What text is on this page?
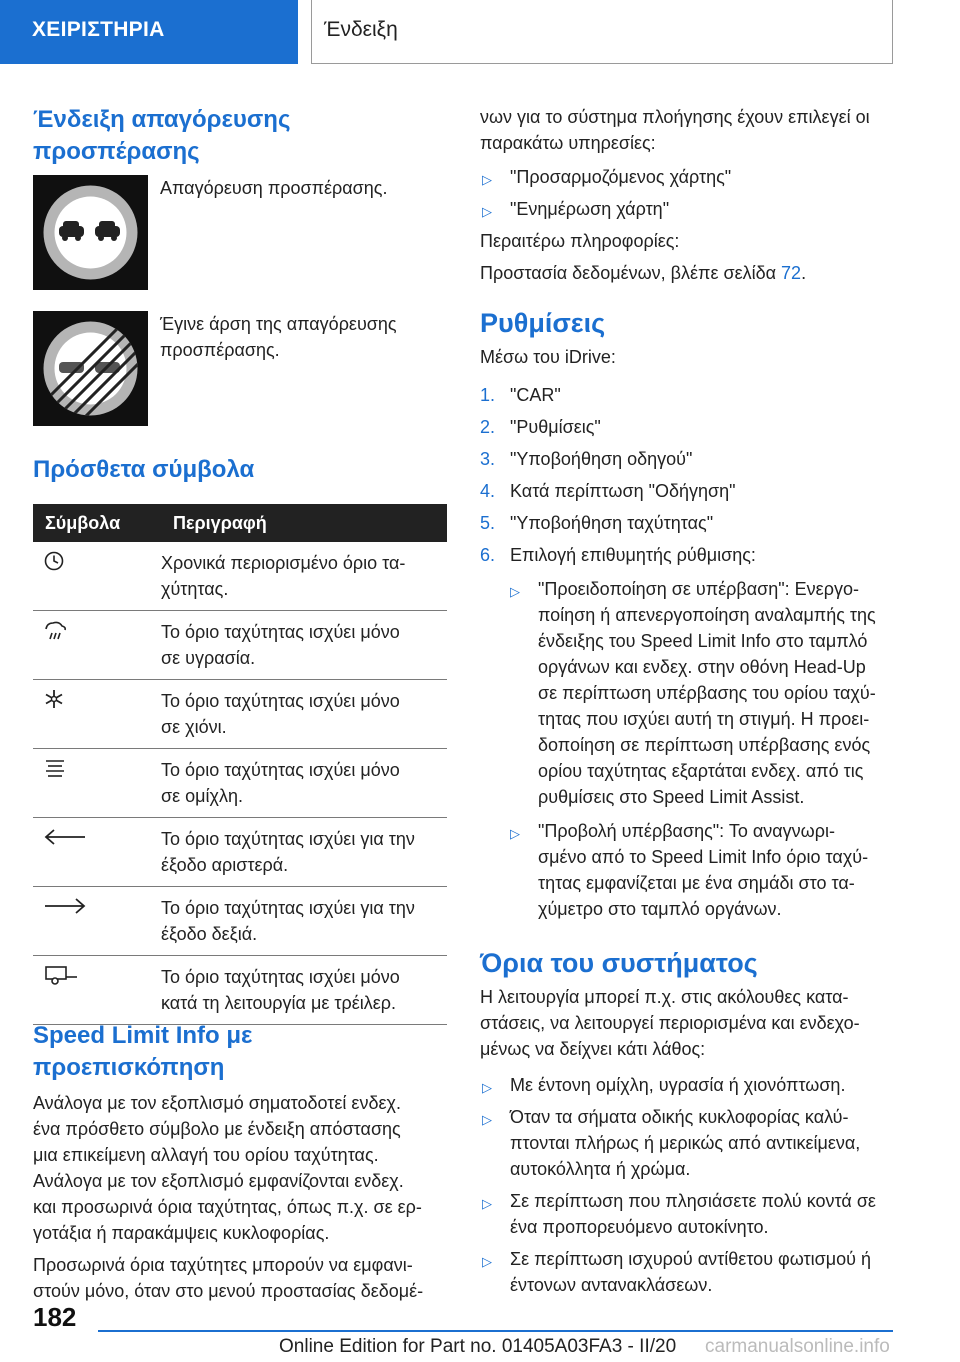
ΧΕΙΡΙΣΤΗΡΙΑ	Ένδειξη

Ένδειξη απαγόρευσης

προσπέρασης

Απαγόρευση προσπέρασης.
Έγινε άρση της απαγόρευσης
προσπέρασης.

Πρόσθετα σύμβολα

Σύμβολα	Περιγραφή

Χρονικά περιορισμένο όριο τα-
χύτητας.

Το όριο ταχύτητας ισχύει μόνο
σε υγρασία.

Το όριο ταχύτητας ισχύει μόνο
σε χιόνι.

Το όριο ταχύτητας ισχύει μόνο
σε ομίχλη.

Το όριο ταχύτητας ισχύει για την
έξοδο αριστερά.

Το όριο ταχύτητας ισχύει για την
έξοδο δεξιά.

Το όριο ταχύτητας ισχύει μόνο
κατά τη λειτουργία με τρέιλερ.

Speed Limit Info με προεπισκόπηση

Ανάλογα με τον εξοπλισμό σηματοδοτεί ενδεχ.

ένα πρόσθετο σύμβολο με ένδειξη απόστασης

μια επικείμενη αλλαγή του ορίου ταχύτητας.

Ανάλογα με τον εξοπλισμό εμφανίζονται ενδεχ.

και προσωρινά όρια ταχύτητας, όπως π.χ. σε ερ-

γοτάξια ή παρακάμψεις κυκλοφορίας.

Προσωρινά όρια ταχύτητες μπορούν να εμφανι-

στούν μόνο, όταν στο μενού προστασίας δεδομέ-

νων για το σύστημα πλοήγησης έχουν επιλεγεί οι

παρακάτω υπηρεσίες:

▷ "Προσαρμοζόμενος χάρτης"
▷ "Ενημέρωση χάρτη"

Περαιτέρω πληροφορίες:

Προστασία δεδομένων, βλέπε σελίδα 72.

Ρυθμίσεις

Μέσω του iDrive:

1. "CAR"
2. "Ρυθμίσεις"
3. "Υποβοήθηση οδηγού"
4. Κατά περίπτωση "Οδήγηση"
5. "Υποβοήθηση ταχύτητας"
6. Επιλογή επιθυμητής ρύθμισης:
▷ "Προειδοποίηση σε υπέρβαση": Ενεργο-
ποίηση ή απενεργοποίηση αναλαμπής της
ένδειξης του Speed Limit Info στο ταμπλό
οργάνων και ενδεχ. στην οθόνη Head-Up
σε περίπτωση υπέρβασης του ορίου ταχύ-
τητας που ισχύει αυτή τη στιγμή. Η προει-
δοποίηση σε περίπτωση υπέρβασης ενός
ορίου ταχύτητας εξαρτάται ενδεχ. από τις
ρυθμίσεις στο Speed Limit Assist.
▷ "Προβολή υπέρβασης": Το αναγνωρι-
σμένο από το Speed Limit Info όριο ταχύ-
τητας εμφανίζεται με ένα σημάδι στο τα-
χύμετρο στο ταμπλό οργάνων.

Όρια του συστήματος

Η λειτουργία μπορεί π.χ. στις ακόλουθες κατα-

στάσεις, να λειτουργεί περιορισμένα και ενδεχο-

μένως να δείχνει κάτι λάθος:

▷ Με έντονη ομίχλη, υγρασία ή χιονόπτωση.
▷ Όταν τα σήματα οδικής κυκλοφορίας καλύ-
πτονται πλήρως ή μερικώς από αντικείμενα,
αυτοκόλλητα ή χρώμα.
▷ Σε περίπτωση που πλησιάσετε πολύ κοντά σε
ένα προπορευόμενο αυτοκίνητο.
▷ Σε περίπτωση ισχυρού αντίθετου φωτισμού ή
έντονων αντανακλάσεων.
182
Online Edition for Part no. 01405A03FA3 - II/20 carmanualsonline.info
